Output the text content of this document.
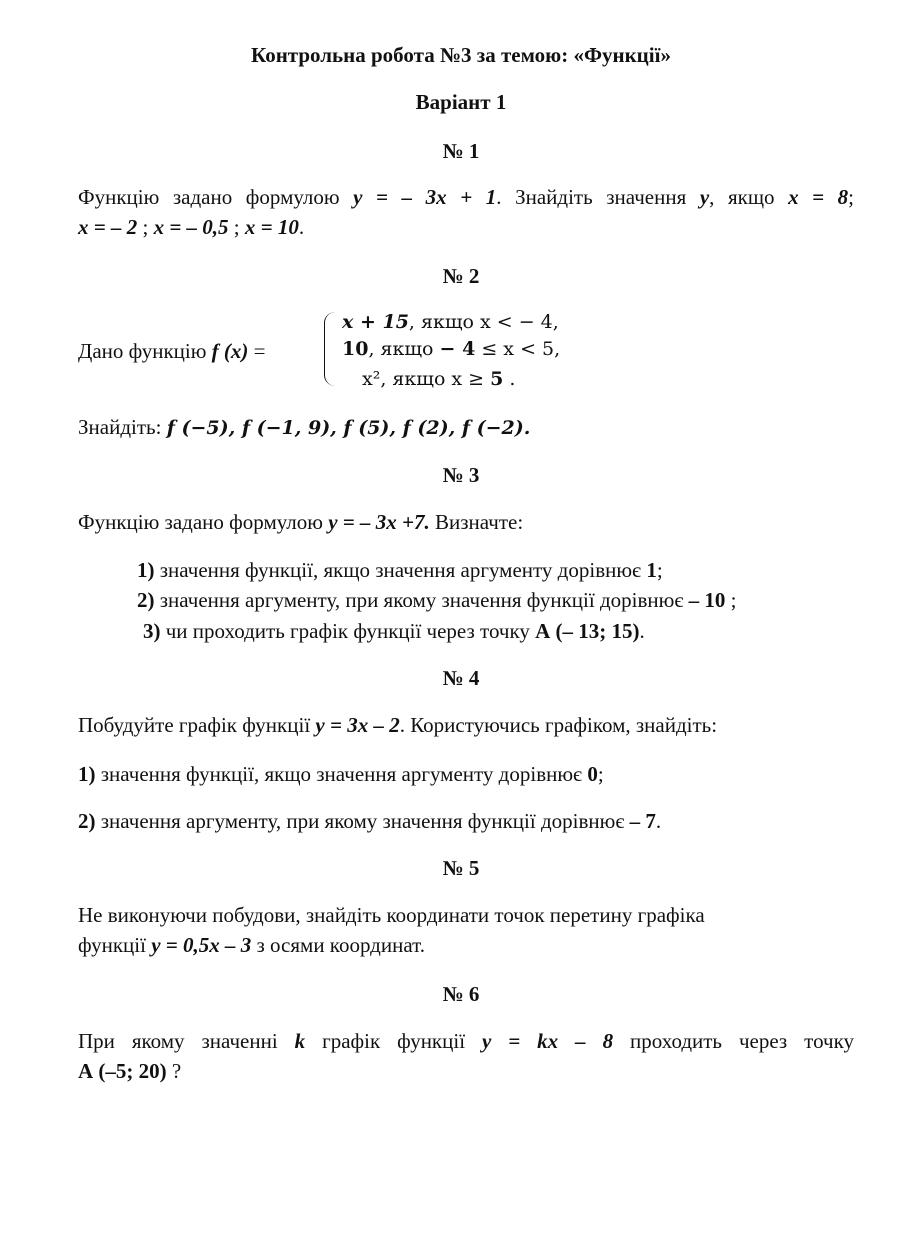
Контрольна робота №3 за темою: «Функції»
Варіант 1
№ 1
Функцію задано формулою y = – 3x + 1. Знайдіть значення y, якщо x = 8;
x = – 2 ; x = – 0,5 ; x = 10.
№ 2
Дано функцію f (x) =
x + 15, якщо x < − 4,
10, якщо − 4 ≤ x < 5,
x², якщо x ≥ 5 .
Знайдіть: f (−5), f (−1, 9), f (5), f (2), f (−2).
№ 3
Функцію задано формулою y = – 3x +7. Визначте:
1) значення функції, якщо значення аргументу дорівнює 1;
2) значення аргументу, при якому значення функції дорівнює – 10 ;
3) чи проходить графік функції через точку А (– 13; 15).
№ 4
Побудуйте графік функції y = 3x – 2. Користуючись графіком, знайдіть:
1) значення функції, якщо значення аргументу дорівнює 0;
2) значення аргументу, при якому значення функції дорівнює – 7.
№ 5
Не виконуючи побудови, знайдіть координати точок перетину графіка
функції y = 0,5x – 3 з осями координат.
№ 6
При якому значенні k графік функції y = kx – 8 проходить через точку
А (–5; 20) ?
